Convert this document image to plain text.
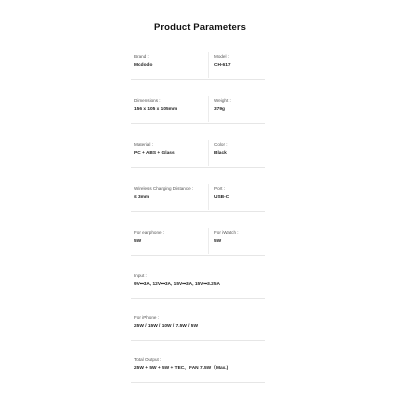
Product Parameters
Brand :
Mcdodo
Model :
CH-617
Dimensions :
156 x 105 x 105mm
Weight :
379g
Material :
PC + ABS + Glass
Color :
Black
Wireless Charging Distance :
≤ 3mm
Port :
USB-C
For earphone :
5W
For iWatch :
5W
Input :
9V⎓3A, 12V⎓3A, 15V⎓3A, 15V⎓3.25A
For iPhone :
25W / 15W / 10W / 7.5W / 5W
Total Output :
25W + 5W + 5W + TEC、FAN 7.5W（Max.)
